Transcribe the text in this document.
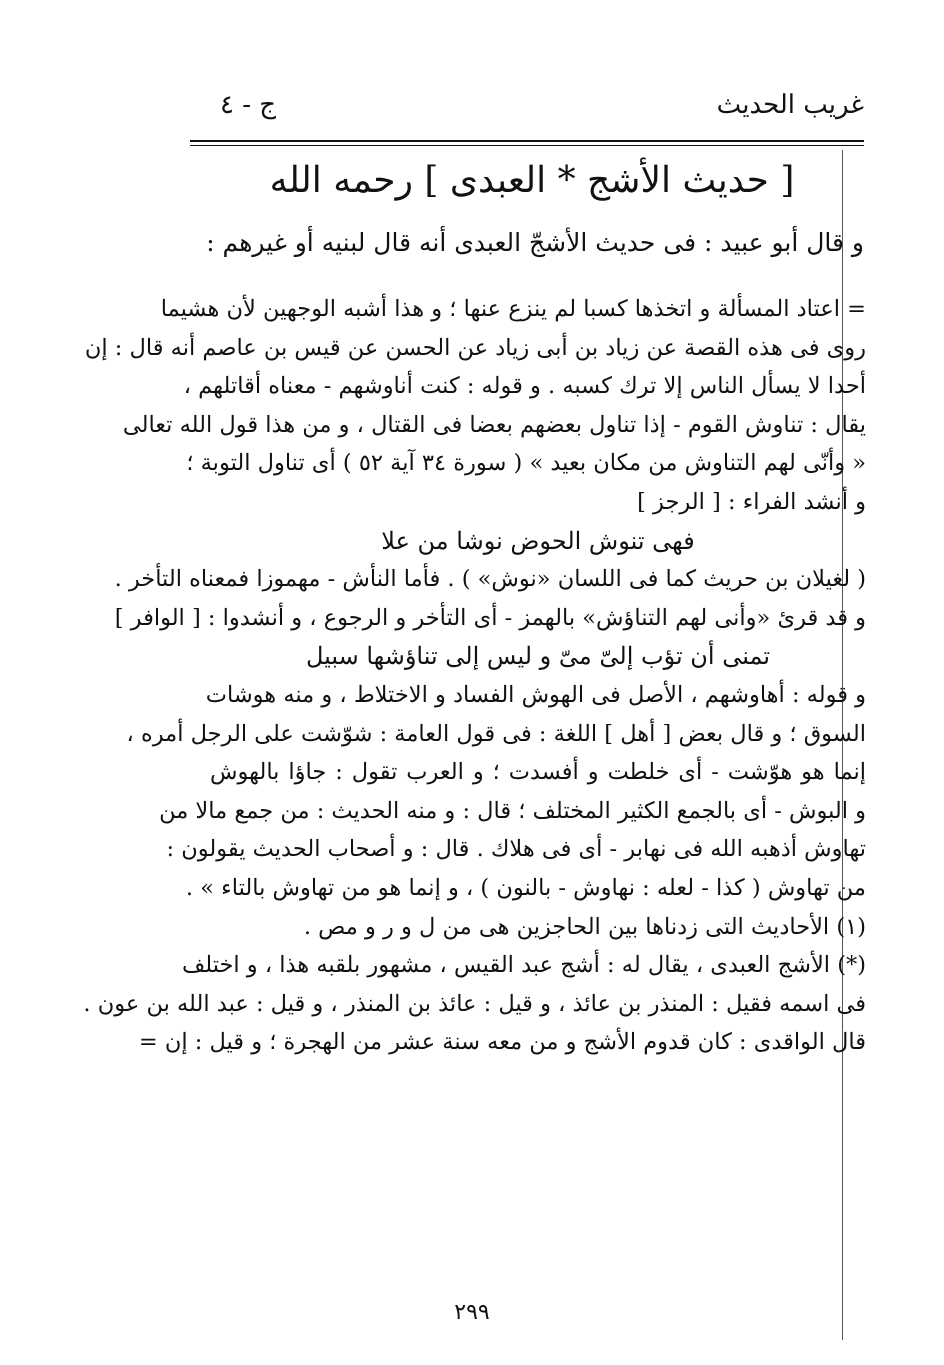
غريب الحديث
ج - ٤
[ حديث الأشج * العبدى ] رحمه الله
و قال أبو عبيد : فى حديث الأشجّ العبدى أنه قال لبنيه أو غيرهم :
= اعتاد المسألة و اتخذها كسبا لم ينزع عنها ؛ و هذا أشبه الوجهين لأن هشيما
روى فى هذه القصة عن زياد بن أبى زياد عن الحسن عن قيس بن عاصم أنه قال : إن
أحدا لا يسأل الناس إلا ترك كسبه . و قوله : كنت أناوشهم - معناه أقاتلهم ،
يقال : تناوش القوم - إذا تناول بعضهم بعضا فى القتال ، و من هذا قول الله تعالى
« وأنّى لهم التناوش من مكان بعيد » ( سورة ٣٤ آية ٥٢ ) أى تناول التوبة ؛
و أنشد الفراء : [ الرجز ]
فهى تنوش الحوض نوشا من علا
( لغيلان بن حريث كما فى اللسان «نوش» ) . فأما النأش - مهموزا فمعناه التأخر .
و قد قرئ «وأنى لهم التناؤش» بالهمز - أى التأخر و الرجوع ، و أنشدوا : [ الوافر ]
تمنى أن تؤب إلىّ مىّ و ليس إلى تناؤشها سبيل
و قوله : أهاوشهم ، الأصل فى الهوش الفساد و الاختلاط ، و منه هوشات
السوق ؛ و قال بعض [ أهل ] اللغة : فى قول العامة : شوّشت على الرجل أمره ،
إنما هو هوّشت - أى خلطت و أفسدت ؛ و العرب تقول : جاؤا بالهوش
و البوش - أى بالجمع الكثير المختلف ؛ قال : و منه الحديث : من جمع مالا من
تهاوش أذهبه الله فى نهابر - أى فى هلاك . قال : و أصحاب الحديث يقولون :
من تهاوش ( كذا - لعله : نهاوش - بالنون ) ، و إنما هو من تهاوش بالتاء » .
(١) الأحاديث التى زدناها بين الحاجزين هى من ل و ر و مص .
(*) الأشج العبدى ، يقال له : أشج عبد القيس ، مشهور بلقبه هذا ، و اختلف
فى اسمه فقيل : المنذر بن عائذ ، و قيل : عائذ بن المنذر ، و قيل : عبد الله بن عون .
قال الواقدى : كان قدوم الأشج و من معه سنة عشر من الهجرة ؛ و قيل : إن =
٢٩٩
